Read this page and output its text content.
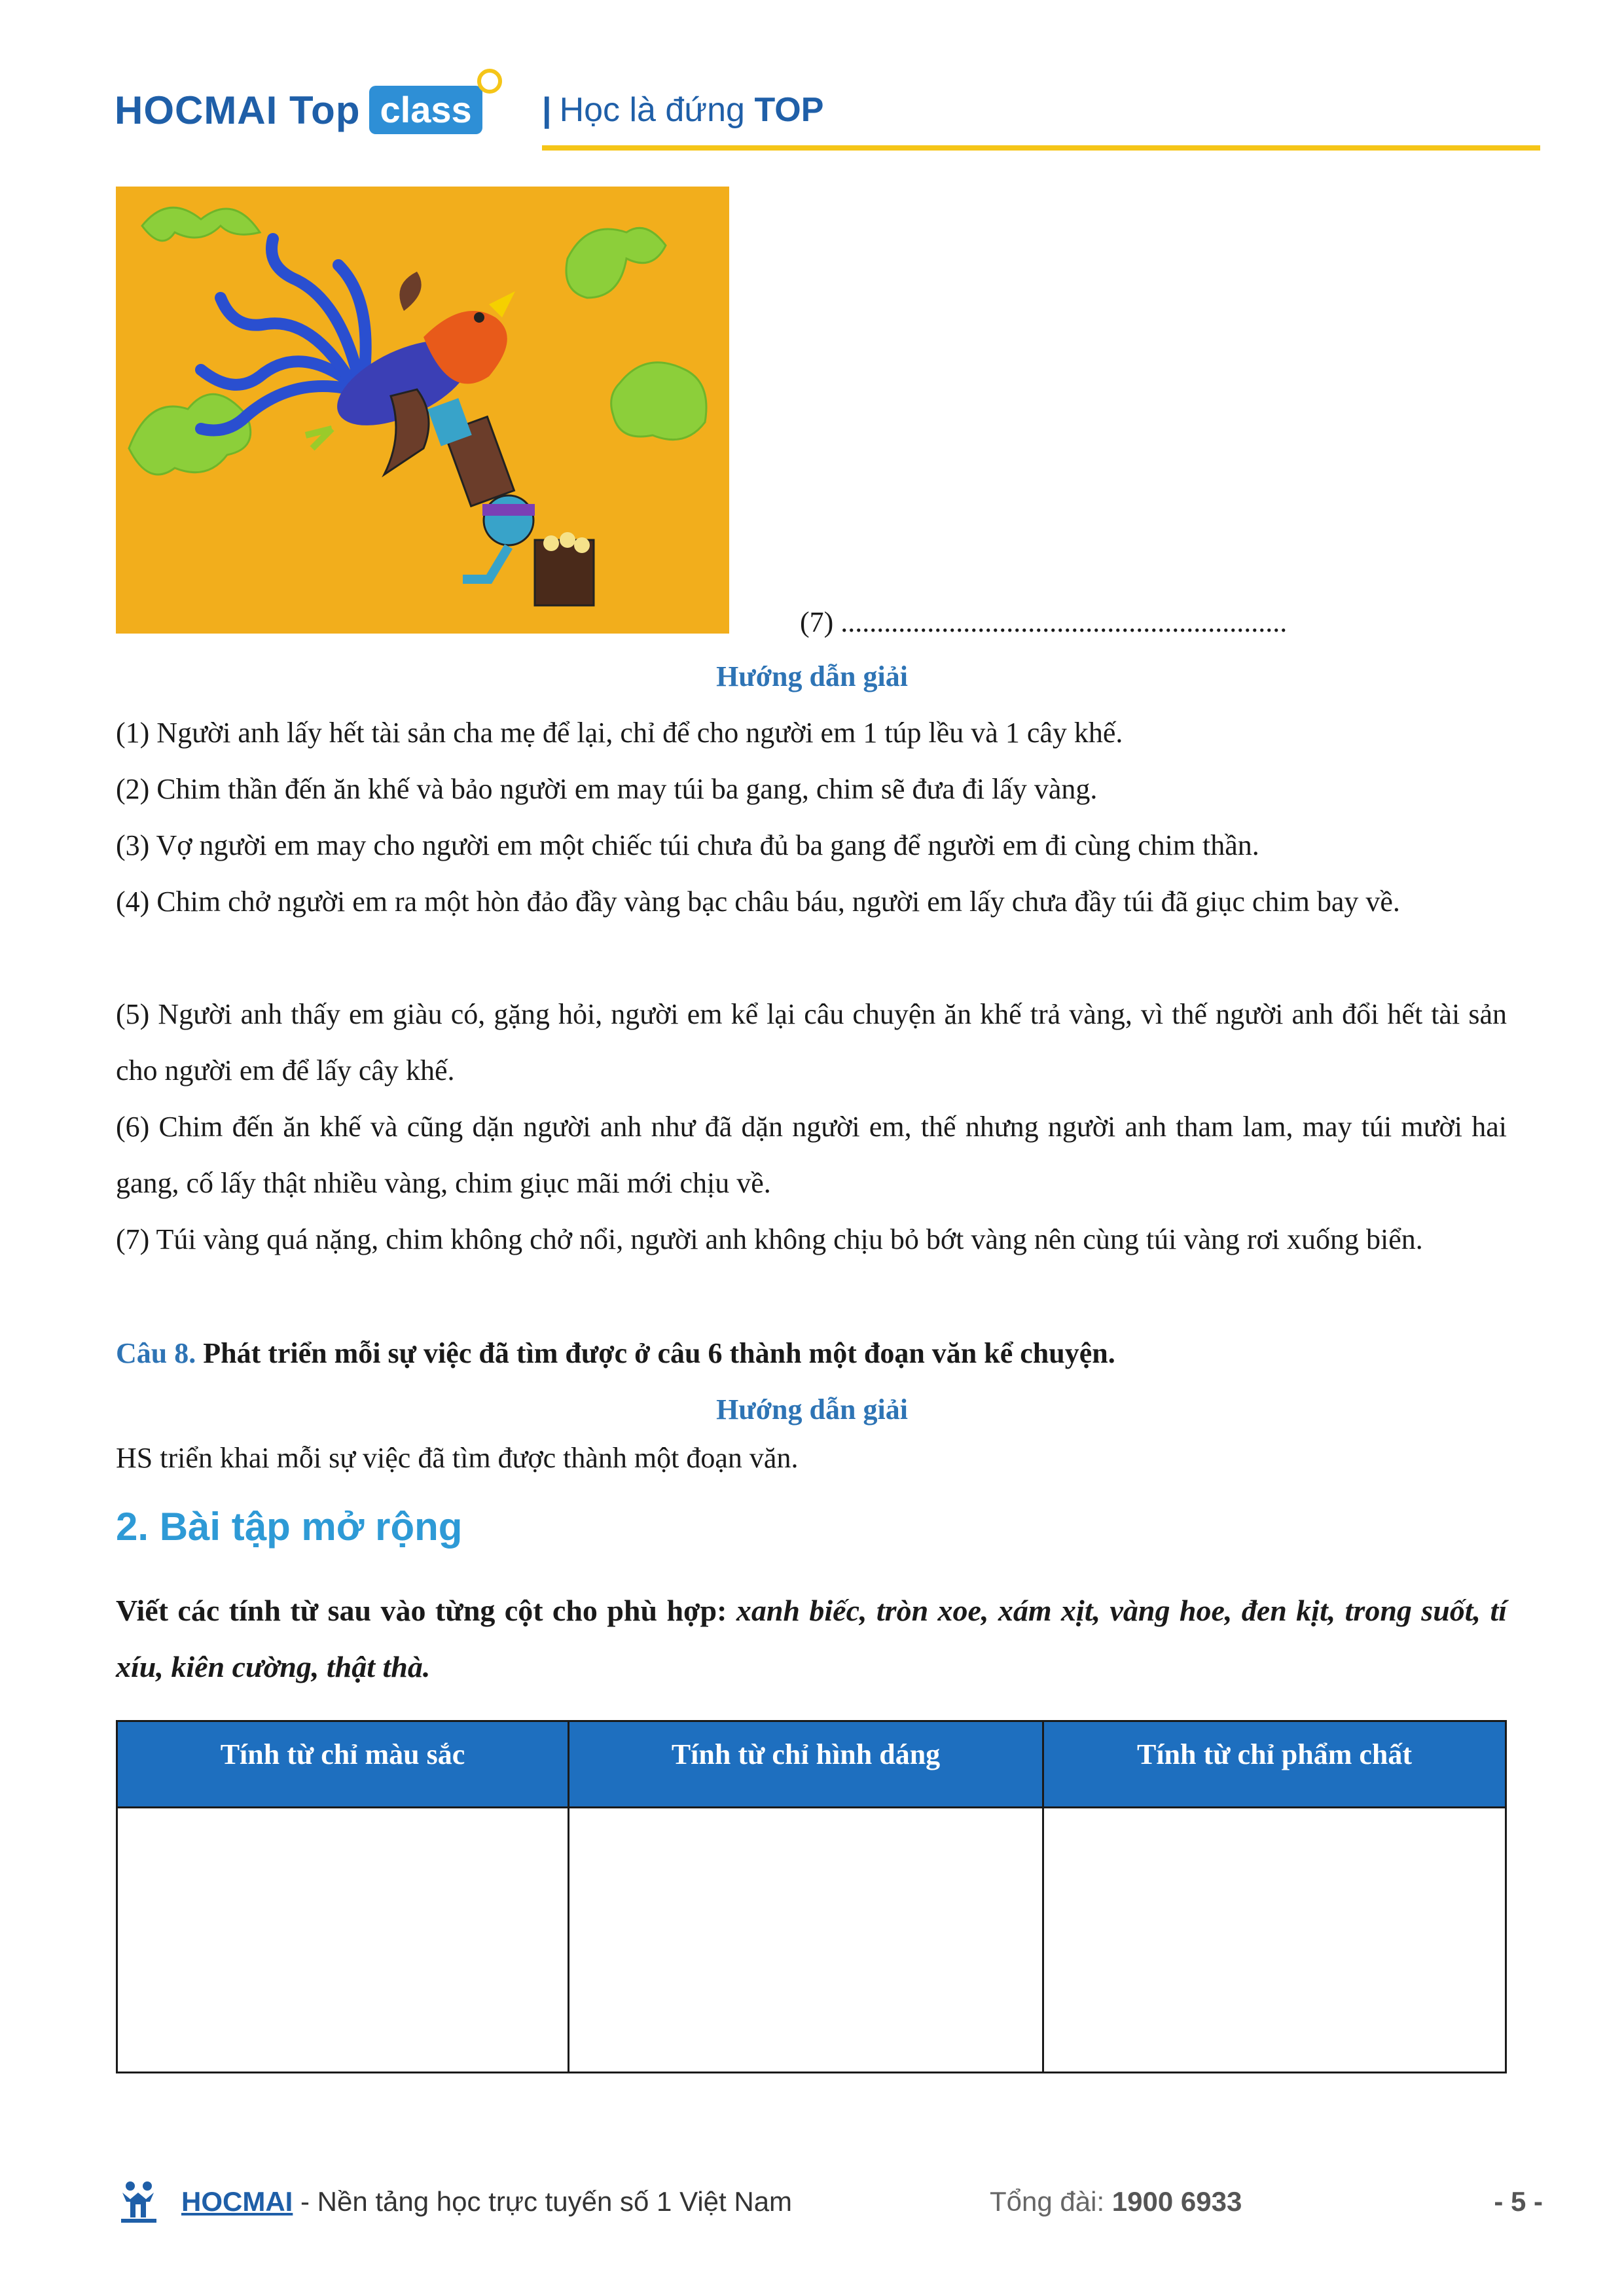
HOCMAI Top class	| Học là đứng TOP
(7) ..............................................................
Hướng dẫn giải
(1) Người anh lấy hết tài sản cha mẹ để lại, chỉ để cho người em 1 túp lều và 1 cây khế.
(2) Chim thần đến ăn khế và bảo người em may túi ba gang, chim sẽ đưa đi lấy vàng.
(3) Vợ người em may cho người em một chiếc túi chưa đủ ba gang để người em đi cùng chim thần.
(4) Chim chở người em ra một hòn đảo đầy vàng bạc châu báu, người em lấy chưa đầy túi đã giục chim bay về.
(5) Người anh thấy em giàu có, gặng hỏi, người em kể lại câu chuyện ăn khế trả vàng, vì thế người anh đổi hết tài sản cho người em để lấy cây khế.
(6) Chim đến ăn khế và cũng dặn người anh như đã dặn người em, thế nhưng người anh tham lam, may túi mười hai gang, cố lấy thật nhiều vàng, chim giục mãi mới chịu về.
(7) Túi vàng quá nặng, chim không chở nổi, người anh không chịu bỏ bớt vàng nên cùng túi vàng rơi xuống biển.
Câu 8. Phát triển mỗi sự việc đã tìm được ở câu 6 thành một đoạn văn kể chuyện.
Hướng dẫn giải
HS triển khai mỗi sự việc đã tìm được thành một đoạn văn.
2. Bài tập mở rộng
Viết các tính từ sau vào từng cột cho phù hợp: xanh biếc, tròn xoe, xám xịt, vàng hoe, đen kịt, trong suốt, tí xíu, kiên cường, thật thà.
Tính từ chỉ màu sắc	Tính từ chỉ hình dáng	Tính từ chỉ phẩm chất

HOCMAI - Nền tảng học trực tuyến số 1 Việt Nam	Tổng đài: 1900 6933	- 5 -
